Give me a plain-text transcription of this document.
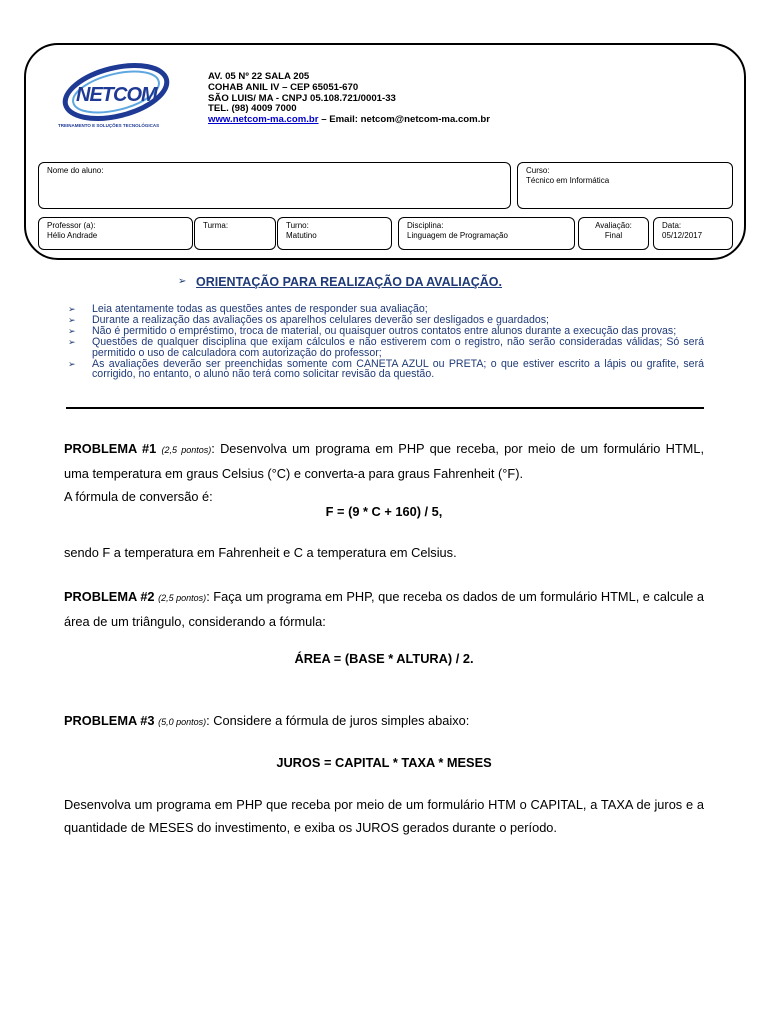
NETCOM
TREINAMENTO E SOLUÇÕES TECNOLÓGICAS
AV. 05 Nº 22 SALA 205
COHAB ANIL IV – CEP 65051-670
SÃO LUIS/ MA - CNPJ 05.108.721/0001-33
TEL. (98) 4009 7000
www.netcom-ma.com.br – Email: netcom@netcom-ma.com.br
Nome do aluno:	Curso:
Técnico em Informática
Professor (a):
Hélio Andrade
Turma:	Turno:
Matutino
Disciplina:
Linguagem de Programação
Avaliação:
Final
Data:
05/12/2017
➢ ORIENTAÇÃO PARA REALIZAÇÃO DA AVALIAÇÃO.
➢ Leia atentamente todas as questões antes de responder sua avaliação;
➢ Durante a realização das avaliações os aparelhos celulares deverão ser desligados e guardados;
➢ Não é permitido o empréstimo, troca de material, ou quaisquer outros contatos entre alunos durante a execução das provas;
➢ Questões de qualquer disciplina que exijam cálculos e não estiverem com o registro, não serão consideradas válidas; Só será permitido o uso de calculadora com autorização do professor;
➢ As avaliações deverão ser preenchidas somente com CANETA AZUL ou PRETA; o que estiver escrito a lápis ou grafite, será corrigido, no entanto, o aluno não terá como solicitar revisão da questão.
PROBLEMA #1 (2,5 pontos): Desenvolva um programa em PHP que receba, por meio de um formulário HTML, uma temperatura em graus Celsius (°C) e converta-a para graus Fahrenheit (°F).
A fórmula de conversão é:
F = (9 * C + 160) / 5,
sendo F a temperatura em Fahrenheit e C a temperatura em Celsius.
PROBLEMA #2 (2,5 pontos): Faça um programa em PHP, que receba os dados de um formulário HTML, e calcule a área de um triângulo, considerando a fórmula:
ÁREA = (BASE * ALTURA) / 2.
PROBLEMA #3 (5,0 pontos): Considere a fórmula de juros simples abaixo:
JUROS = CAPITAL * TAXA * MESES
Desenvolva um programa em PHP que receba por meio de um formulário HTM o CAPITAL, a TAXA de juros e a quantidade de MESES do investimento, e exiba os JUROS gerados durante o período.
